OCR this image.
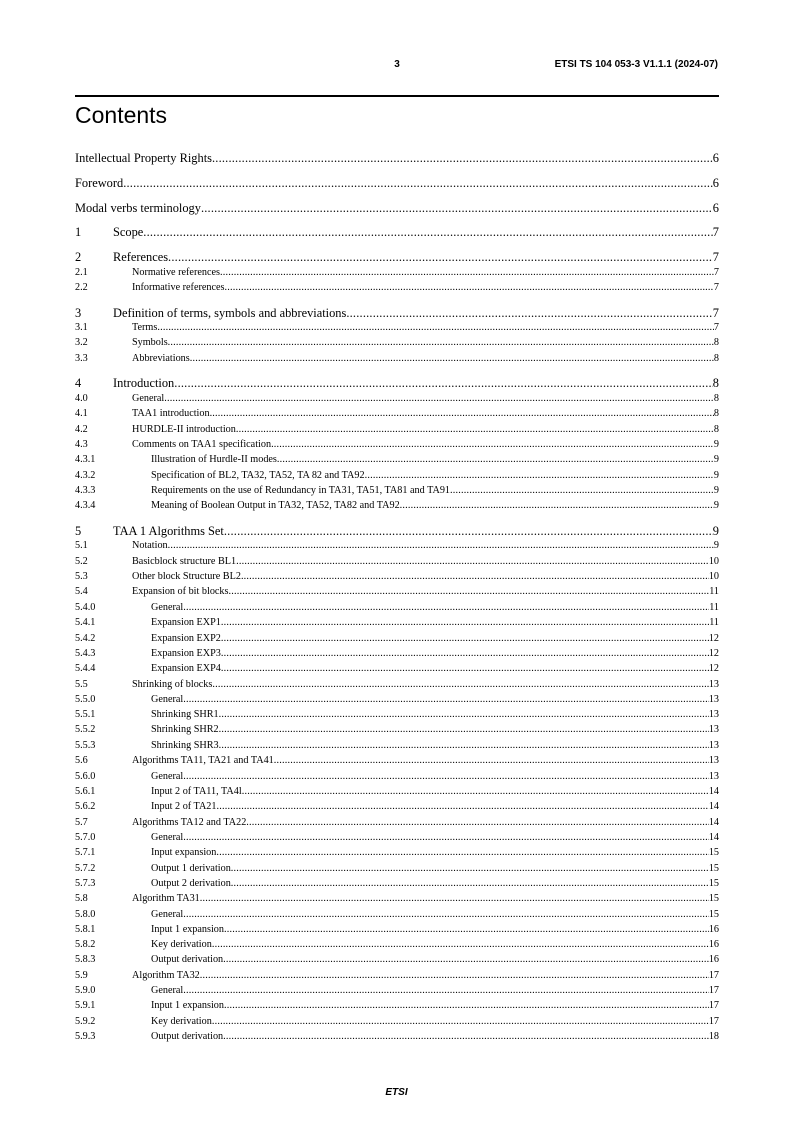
3	ETSI TS 104 053-3 V1.1.1 (2024-07)
Contents
Intellectual Property Rights .....	6
Foreword .....	6
Modal verbs terminology .....	6
1	Scope .....	7
2	References .....	7
2.1	Normative references .....	7
2.2	Informative references .....	7
3	Definition of terms, symbols and abbreviations .....	7
3.1	Terms .....	7
3.2	Symbols .....	8
3.3	Abbreviations .....	8
4	Introduction .....	8
4.0	General .....	8
4.1	TAA1 introduction .....	8
4.2	HURDLE-II introduction .....	8
4.3	Comments on TAA1 specification .....	9
4.3.1	Illustration of Hurdle-II modes .....	9
4.3.2	Specification of BL2, TA32, TA52, TA 82 and TA92 .....	9
4.3.3	Requirements on the use of Redundancy in TA31, TA51, TA81 and TA91 .....	9
4.3.4	Meaning of Boolean Output in TA32, TA52, TA82 and TA92 .....	9
5	TAA 1 Algorithms Set .....	9
5.1	Notation .....	9
5.2	Basicblock structure BL1 .....	10
5.3	Other block Structure BL2 .....	10
5.4	Expansion of bit blocks .....	11
5.4.0	General .....	11
5.4.1	Expansion EXP1 .....	11
5.4.2	Expansion EXP2 .....	12
5.4.3	Expansion EXP3 .....	12
5.4.4	Expansion EXP4 .....	12
5.5	Shrinking of blocks .....	13
5.5.0	General .....	13
5.5.1	Shrinking SHR1 .....	13
5.5.2	Shrinking SHR2 .....	13
5.5.3	Shrinking SHR3 .....	13
5.6	Algorithms TA11, TA21 and TA41 .....	13
5.6.0	General .....	13
5.6.1	Input 2 of TA11, TA4l .....	14
5.6.2	Input 2 of TA21 .....	14
5.7	Algorithms TA12 and TA22 .....	14
5.7.0	General .....	14
5.7.1	Input expansion .....	15
5.7.2	Output 1 derivation .....	15
5.7.3	Output 2 derivation .....	15
5.8	Algorithm TA31 .....	15
5.8.0	General .....	15
5.8.1	Input 1 expansion .....	16
5.8.2	Key derivation .....	16
5.8.3	Output derivation .....	16
5.9	Algorithm TA32 .....	17
5.9.0	General .....	17
5.9.1	Input 1 expansion .....	17
5.9.2	Key derivation .....	17
5.9.3	Output derivation .....	18
ETSI
